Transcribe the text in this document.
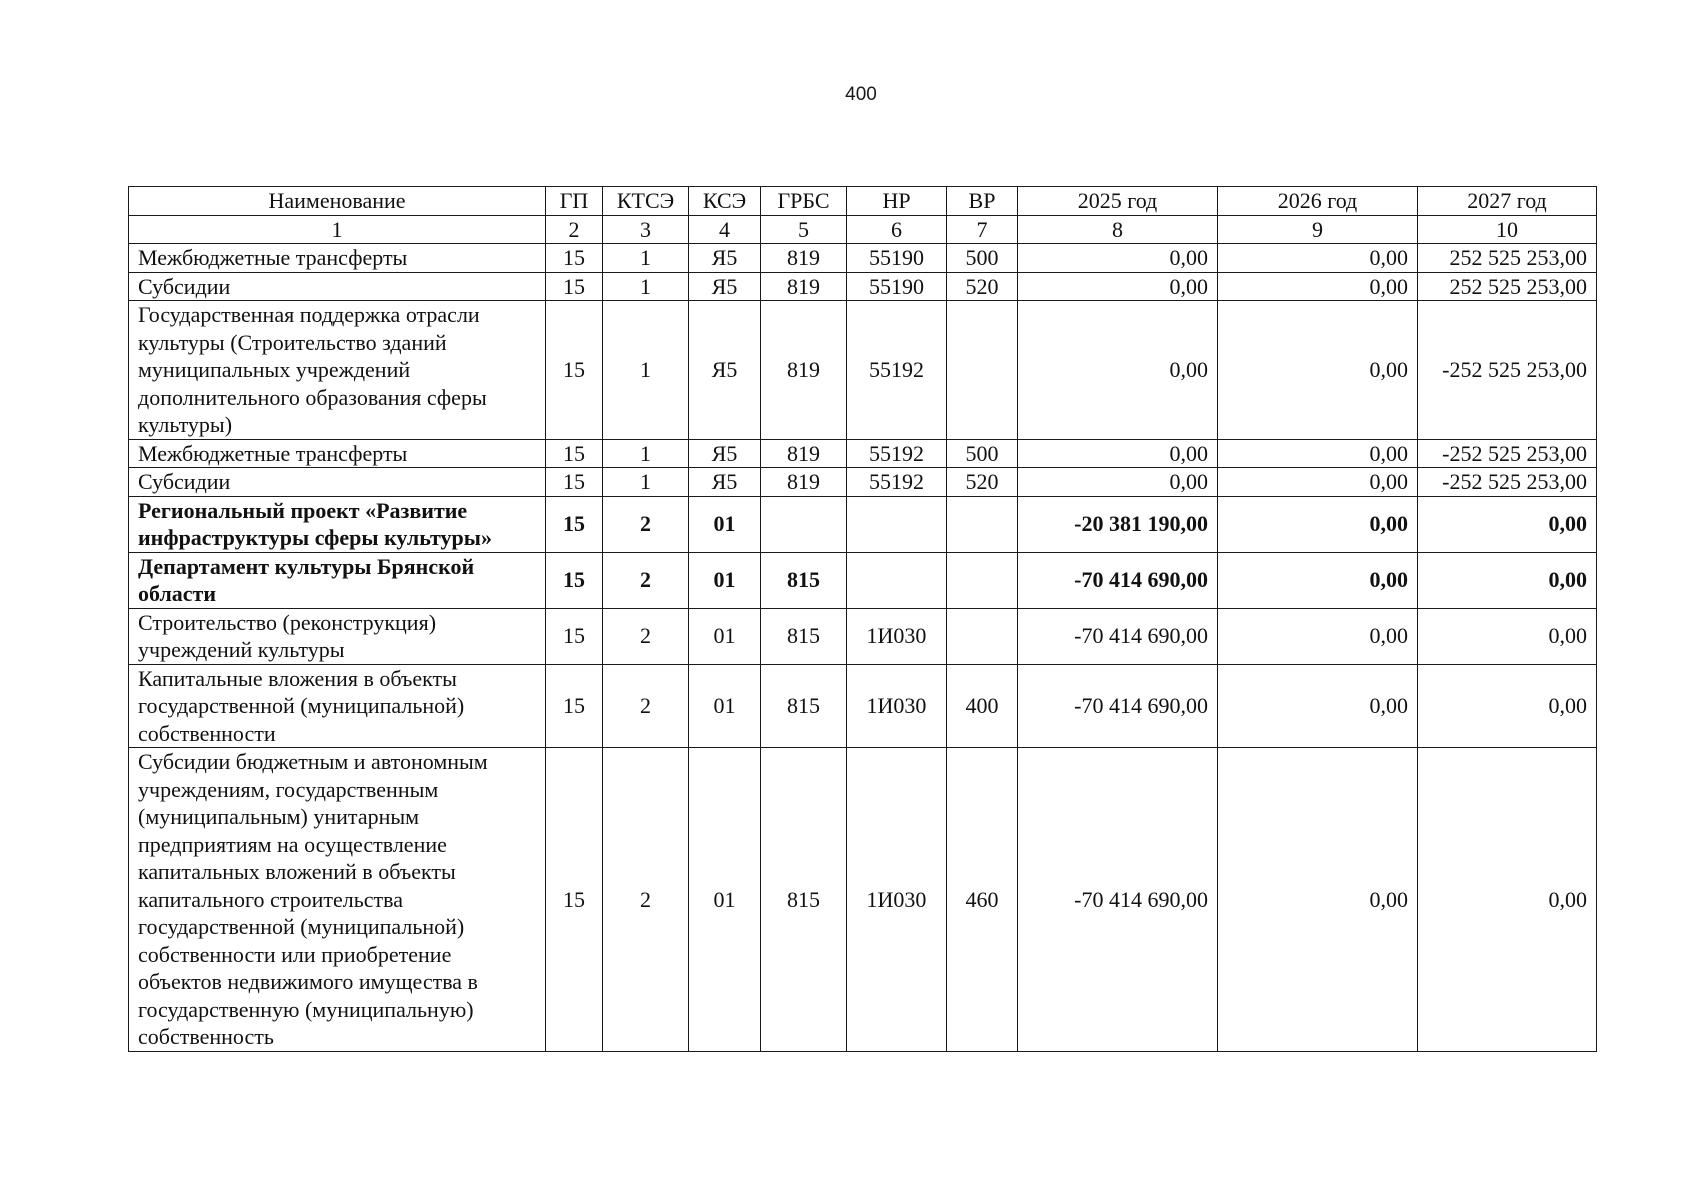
400
Наименование	ГП	КТСЭ	КСЭ	ГРБС	НР	ВР	2025 год	2026 год	2027 год
1	2	3	4	5	6	7	8	9	10
Межбюджетные трансферты	15	1	Я5	819	55190	500	0,00	0,00	252 525 253,00
Субсидии	15	1	Я5	819	55190	520	0,00	0,00	252 525 253,00
Государственная поддержка отрасли культуры (Строительство зданий муниципальных учреждений дополнительного образования сферы культуры)	15	1	Я5	819	55192		0,00	0,00	-252 525 253,00
Межбюджетные трансферты	15	1	Я5	819	55192	500	0,00	0,00	-252 525 253,00
Субсидии	15	1	Я5	819	55192	520	0,00	0,00	-252 525 253,00
Региональный проект «Развитие инфраструктуры сферы культуры»	15	2	01				-20 381 190,00	0,00	0,00
Департамент культуры Брянской области	15	2	01	815			-70 414 690,00	0,00	0,00
Строительство (реконструкция) учреждений культуры	15	2	01	815	1И030		-70 414 690,00	0,00	0,00
Капитальные вложения в объекты государственной (муниципальной) собственности	15	2	01	815	1И030	400	-70 414 690,00	0,00	0,00
Субсидии бюджетным и автономным учреждениям, государственным (муниципальным) унитарным предприятиям на осуществление капитальных вложений в объекты капитального строительства государственной (муниципальной) собственности или приобретение объектов недвижимого имущества в государственную (муниципальную) собственность	15	2	01	815	1И030	460	-70 414 690,00	0,00	0,00
